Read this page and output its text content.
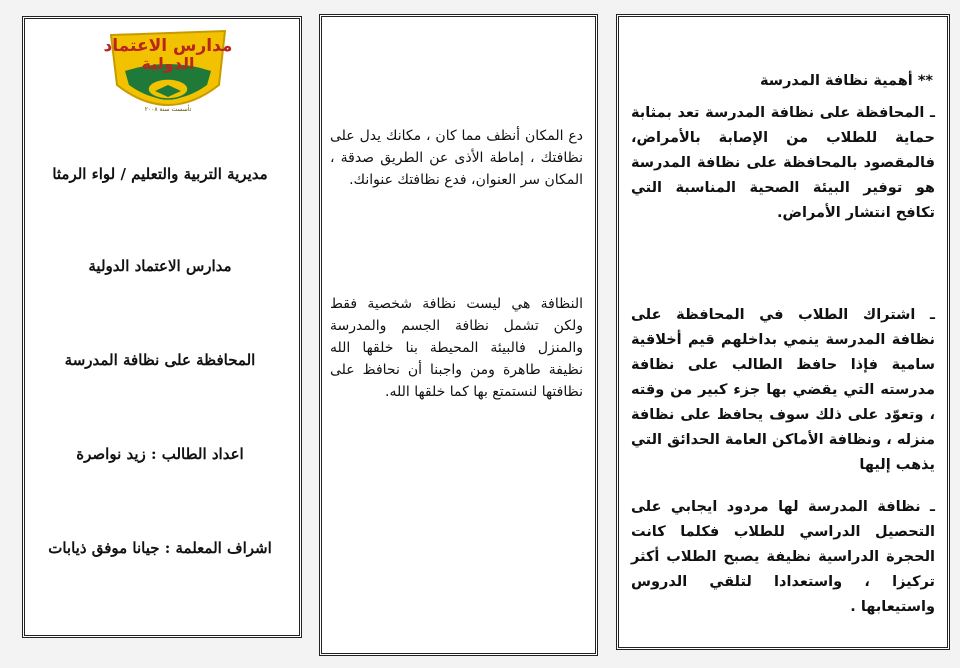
مدارس الاعتماد
الدولية
تأسست سنة ٢٠٠٨
مديرية التربية والتعليم / لواء الرمثا
مدارس الاعتماد الدولية
المحافظة على نظافة المدرسة
اعداد الطالب : زيد نواصرة
اشراف المعلمة : جيانا موفق ذيابات
دع المكان أنظف مما كان ، مكانك يدل على نظافتك ، إماطة الأذى عن الطريق صدقة ، المكان سر العنوان، فدع نظافتك عنوانك.
النظافة هي ليست نظافة شخصية فقط ولكن تشمل نظافة الجسم والمدرسة والمنزل فالبيئة المحيطة بنا خلقها الله نظيفة طاهرة ومن واجبنا أن نحافظ على نظافتها لنستمتع بها كما خلقها الله.
** أهمية نظافة المدرسة
ـ المحافظة على نظافة المدرسة تعد بمثابة حماية للطلاب من الإصابة بالأمراض، فالمقصود بالمحافظة على نظافة المدرسة هو توفير البيئة الصحية المناسبة التي تكافح انتشار الأمراض.
ـ اشتراك الطلاب في المحافظة على نظافة المدرسة ينمي بداخلهم قيم أخلاقية سامية فإذا حافظ الطالب على نظافة مدرسته التي يقضي بها جزء كبير من وقته ، وتعوّد على ذلك سوف يحافظ على نظافة منزله ، ونظافة الأماكن العامة الحدائق التي يذهب إليها
ـ نظافة المدرسة لها مردود ايجابي على التحصيل الدراسي للطلاب فكلما كانت الحجرة الدراسية نظيفة يصبح الطلاب أكثر تركيزا ، واستعدادا لتلقي الدروس واستيعابها .
